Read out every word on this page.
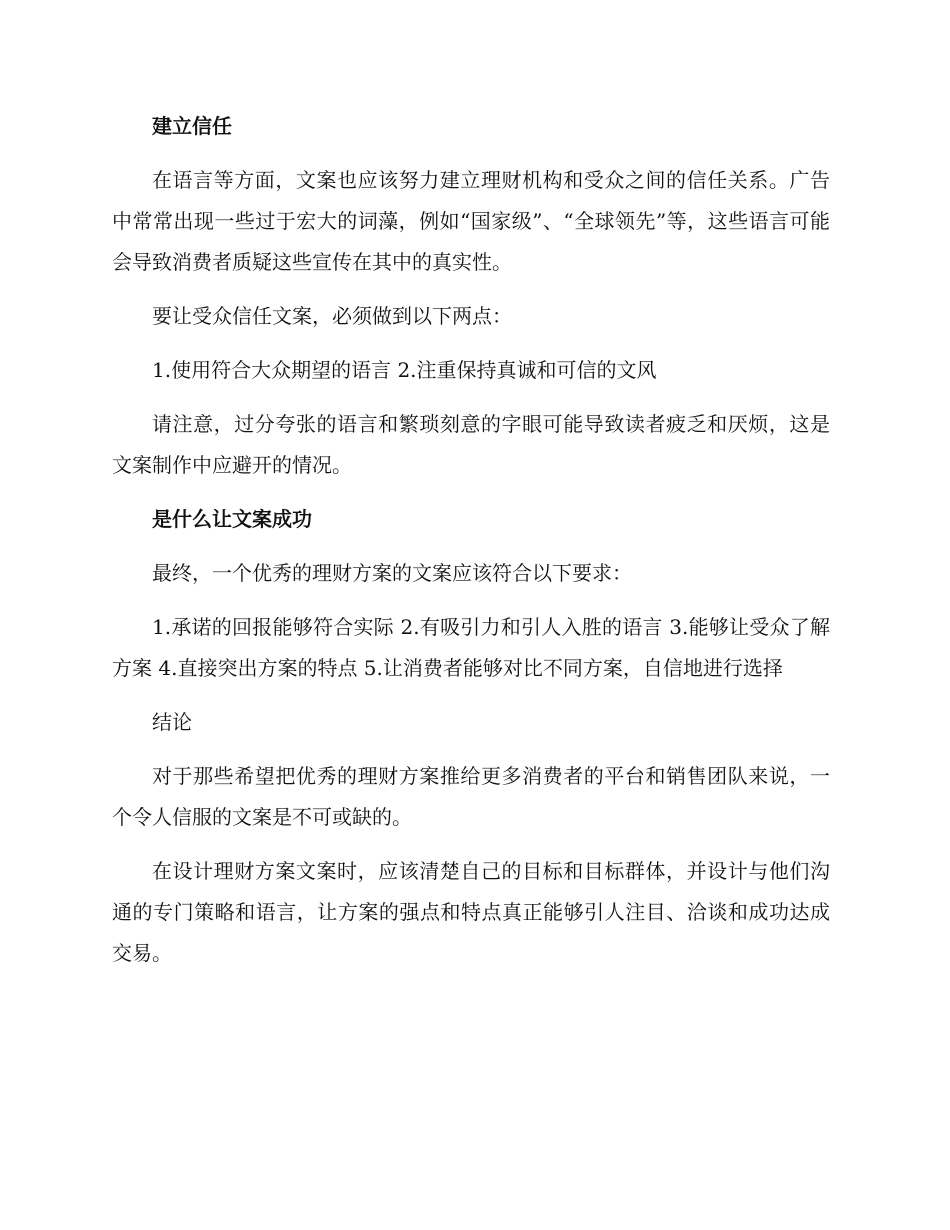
建立信任

在语言等方面，文案也应该努力建立理财机构和受众之间的信任关系。广告中常常出现一些过于宏大的词藻，例如“国家级”、“全球领先”等，这些语言可能会导致消费者质疑这些宣传在其中的真实性。

要让受众信任文案，必须做到以下两点：

1.使用符合大众期望的语言 2.注重保持真诚和可信的文风

请注意，过分夸张的语言和繁琐刻意的字眼可能导致读者疲乏和厌烦，这是文案制作中应避开的情况。

是什么让文案成功

最终，一个优秀的理财方案的文案应该符合以下要求：

1.承诺的回报能够符合实际 2.有吸引力和引人入胜的语言 3.能够让受众了解方案 4.直接突出方案的特点 5.让消费者能够对比不同方案，自信地进行选择

结论

对于那些希望把优秀的理财方案推给更多消费者的平台和销售团队来说，一个令人信服的文案是不可或缺的。

在设计理财方案文案时，应该清楚自己的目标和目标群体，并设计与他们沟通的专门策略和语言，让方案的强点和特点真正能够引人注目、洽谈和成功达成交易。
